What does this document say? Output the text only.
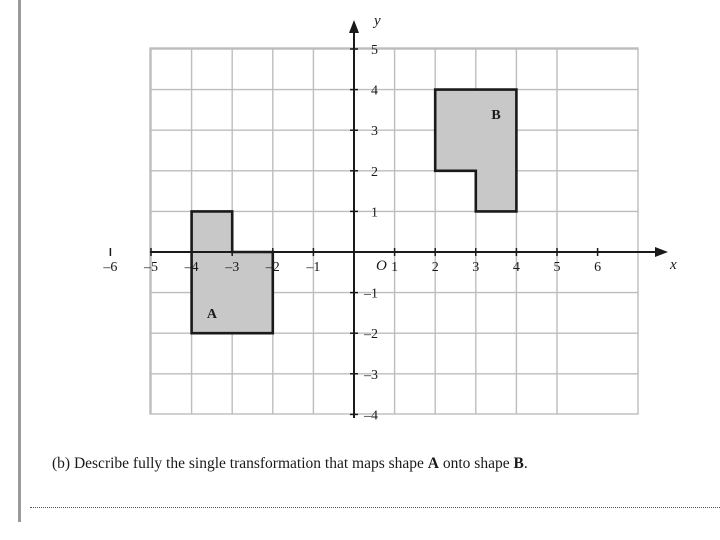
A
B
–6 –5 –4 –3 –2 –1	1 2 3 4 5 6
–4
–3
–2
–1
1
2
3
4
5
x
y
O
(b) Describe fully the single transformation that maps shape A onto shape B.
